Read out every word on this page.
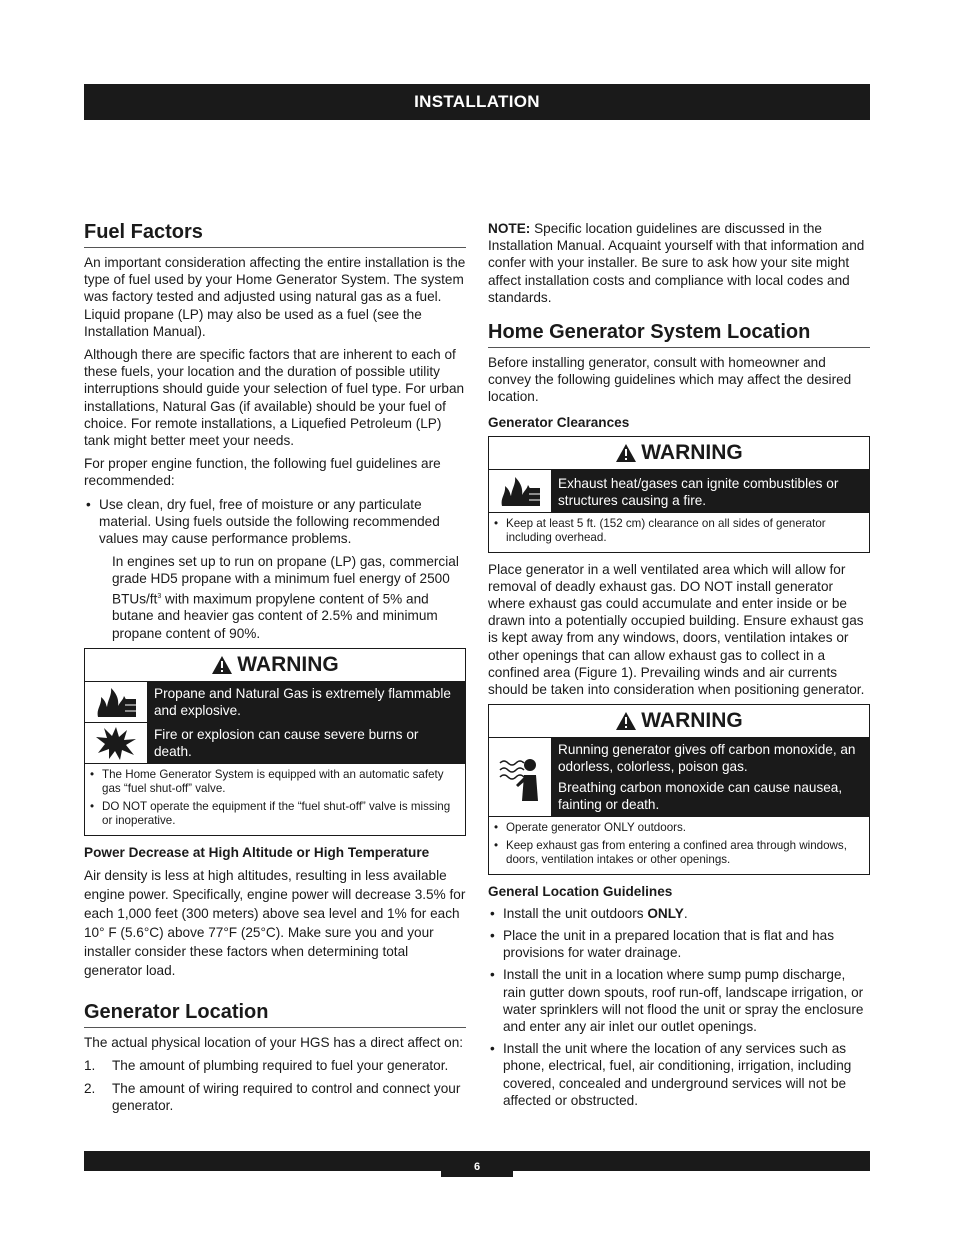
INSTALLATION
Fuel Factors

An important consideration affecting the entire installation is the type of fuel used by your Home Generator System. The system was factory tested and adjusted using natural gas as a fuel. Liquid propane (LP) may also be used as a fuel (see the Installation Manual).

Although there are specific factors that are inherent to each of these fuels, your location and the duration of possible utility interruptions should guide your selection of fuel type. For urban installations, Natural Gas (if available) should be your fuel of choice. For remote installations, a Liquefied Petroleum (LP) tank might better meet your needs.

For proper engine function, the following fuel guidelines are recommended:

• Use clean, dry fuel, free of moisture or any particulate material. Using fuels outside the following recommended values may cause performance problems.

In engines set up to run on propane (LP) gas, commercial grade HD5 propane with a minimum fuel energy of 2500 BTUs/$ft^3$ with maximum propylene content of 5% and butane and heavier gas content of 2.5% and minimum propane content of 90%.

WARNING
Propane and Natural Gas is extremely flammable and explosive.
Fire or explosion can cause severe burns or death.
• The Home Generator System is equipped with an automatic safety gas “fuel shut-off” valve.
• DO NOT operate the equipment if the “fuel shut-off” valve is missing or inoperative.
Power Decrease at High Altitude or High Temperature

Air density is less at high altitudes, resulting in less available engine power. Specifically, engine power will decrease 3.5% for each 1,000 feet (300 meters) above sea level and 1% for each 10° F (5.6°C) above 77°F (25°C). Make sure you and your installer consider these factors when determining total generator load.

Generator Location

The actual physical location of your HGS has a direct affect on:

1. The amount of plumbing required to fuel your generator.
2. The amount of wiring required to control and connect your generator.

NOTE: Specific location guidelines are discussed in the Installation Manual. Acquaint yourself with that information and confer with your installer. Be sure to ask how your site might affect installation costs and compliance with local codes and standards.

Home Generator System Location

Before installing generator, consult with homeowner and convey the following guidelines which may affect the desired location.

Generator Clearances
WARNING
Exhaust heat/gases can ignite combustibles or structures causing a fire.
• Keep at least 5 ft. (152 cm) clearance on all sides of generator including overhead.

Place generator in a well ventilated area which will allow for removal of deadly exhaust gas. DO NOT install generator where exhaust gas could accumulate and enter inside or be drawn into a potentially occupied building. Ensure exhaust gas is kept away from any windows, doors, ventilation intakes or other openings that can allow exhaust gas to collect in a confined area (Figure 1). Prevailing winds and air currents should be taken into consideration when positioning generator.

WARNING
Running generator gives off carbon monoxide, an odorless, colorless, poison gas.
Breathing carbon monoxide can cause nausea, fainting or death.
• Operate generator ONLY outdoors.
• Keep exhaust gas from entering a confined area through windows, doors, ventilation intakes or other openings.
General Location Guidelines
• Install the unit outdoors ONLY.
• Place the unit in a prepared location that is flat and has provisions for water drainage.
• Install the unit in a location where sump pump discharge, rain gutter down spouts, roof run-off, landscape irrigation, or water sprinklers will not flood the unit or spray the enclosure and enter any air inlet our outlet openings.
• Install the unit where the location of any services such as phone, electrical, fuel, air conditioning, irrigation, including covered, concealed and underground services will not be affected or obstructed.
6
